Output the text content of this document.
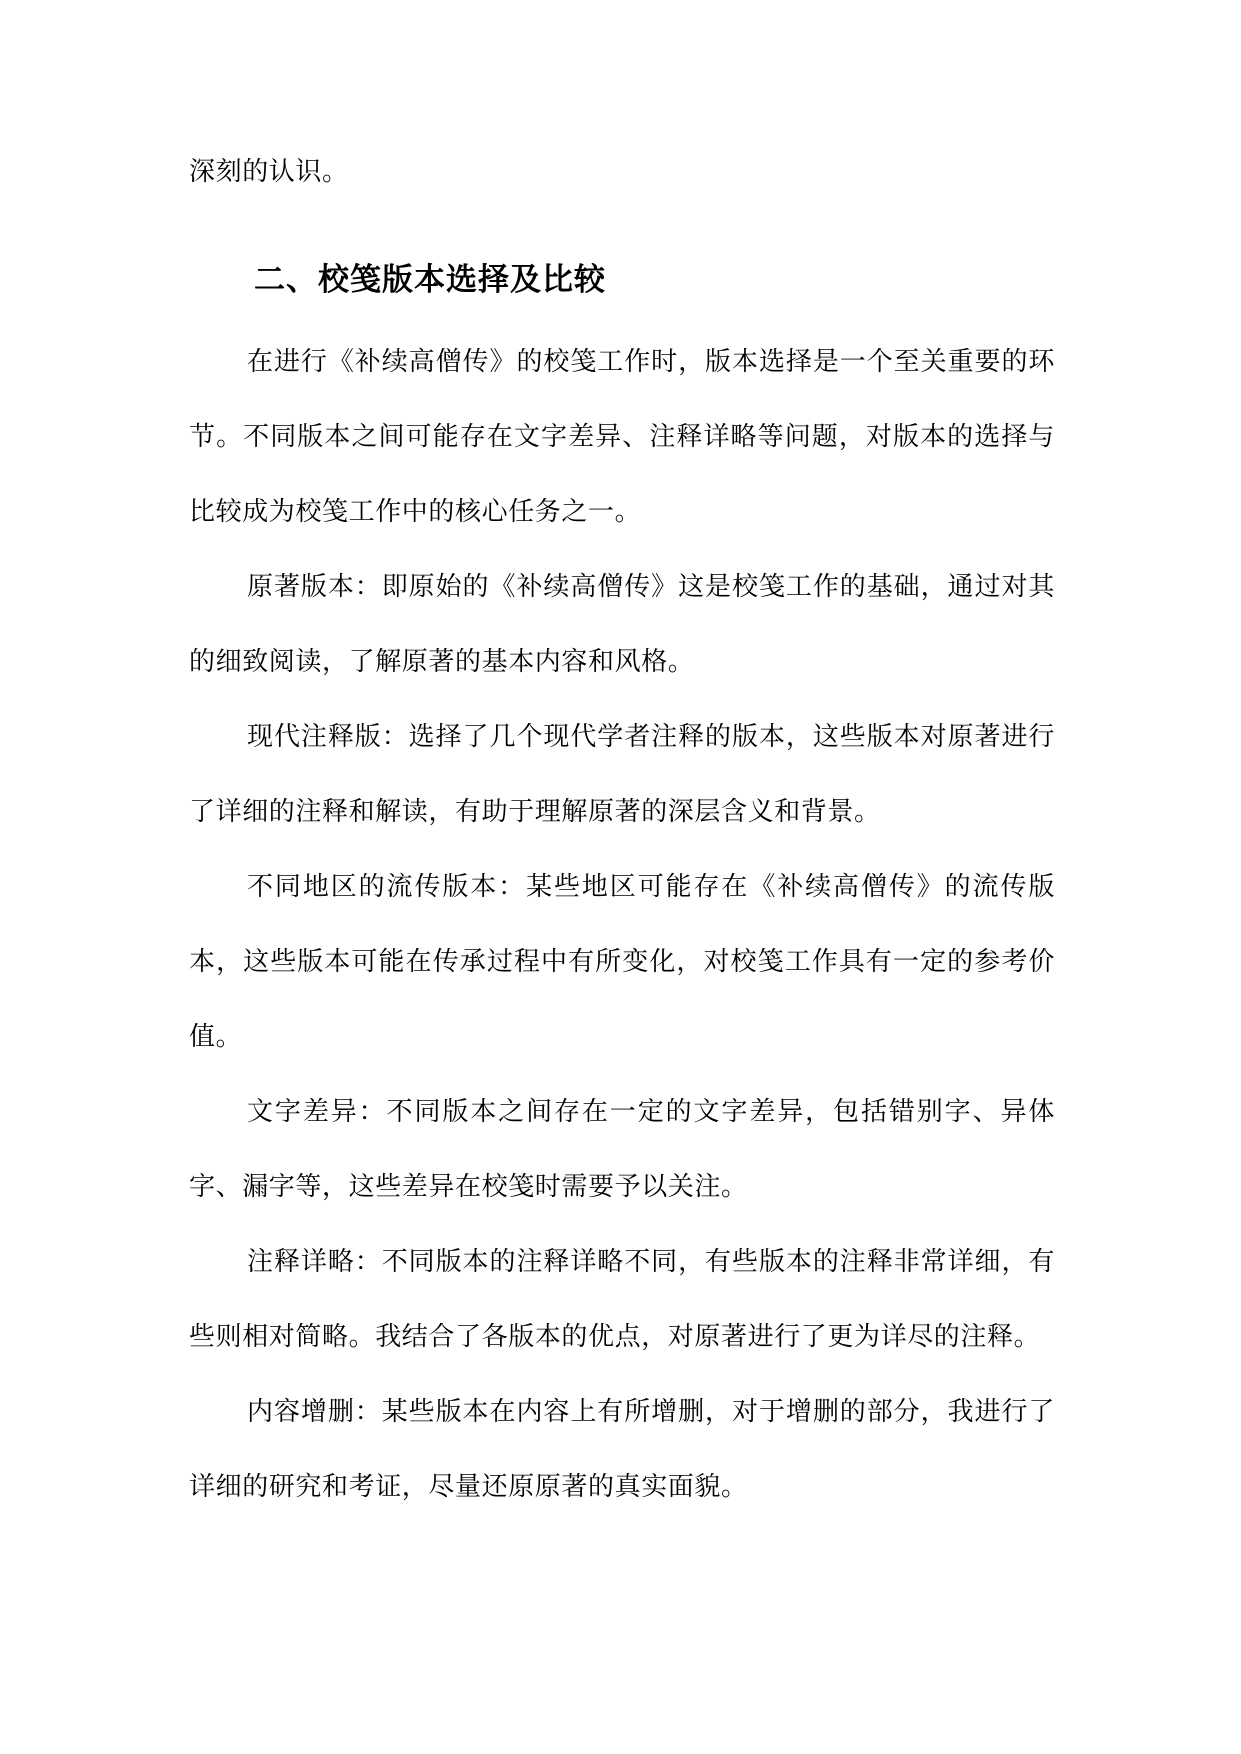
深刻的认识。

二、校笺版本选择及比较

在进行《补续高僧传》的校笺工作时，版本选择是一个至关重要的环节。不同版本之间可能存在文字差异、注释详略等问题，对版本的选择与比较成为校笺工作中的核心任务之一。

原著版本：即原始的《补续高僧传》这是校笺工作的基础，通过对其的细致阅读，了解原著的基本内容和风格。

现代注释版：选择了几个现代学者注释的版本，这些版本对原著进行了详细的注释和解读，有助于理解原著的深层含义和背景。

不同地区的流传版本：某些地区可能存在《补续高僧传》的流传版本，这些版本可能在传承过程中有所变化，对校笺工作具有一定的参考价值。

文字差异：不同版本之间存在一定的文字差异，包括错别字、异体字、漏字等，这些差异在校笺时需要予以关注。

注释详略：不同版本的注释详略不同，有些版本的注释非常详细，有些则相对简略。我结合了各版本的优点，对原著进行了更为详尽的注释。

内容增删：某些版本在内容上有所增删，对于增删的部分，我进行了详细的研究和考证，尽量还原原著的真实面貌。
